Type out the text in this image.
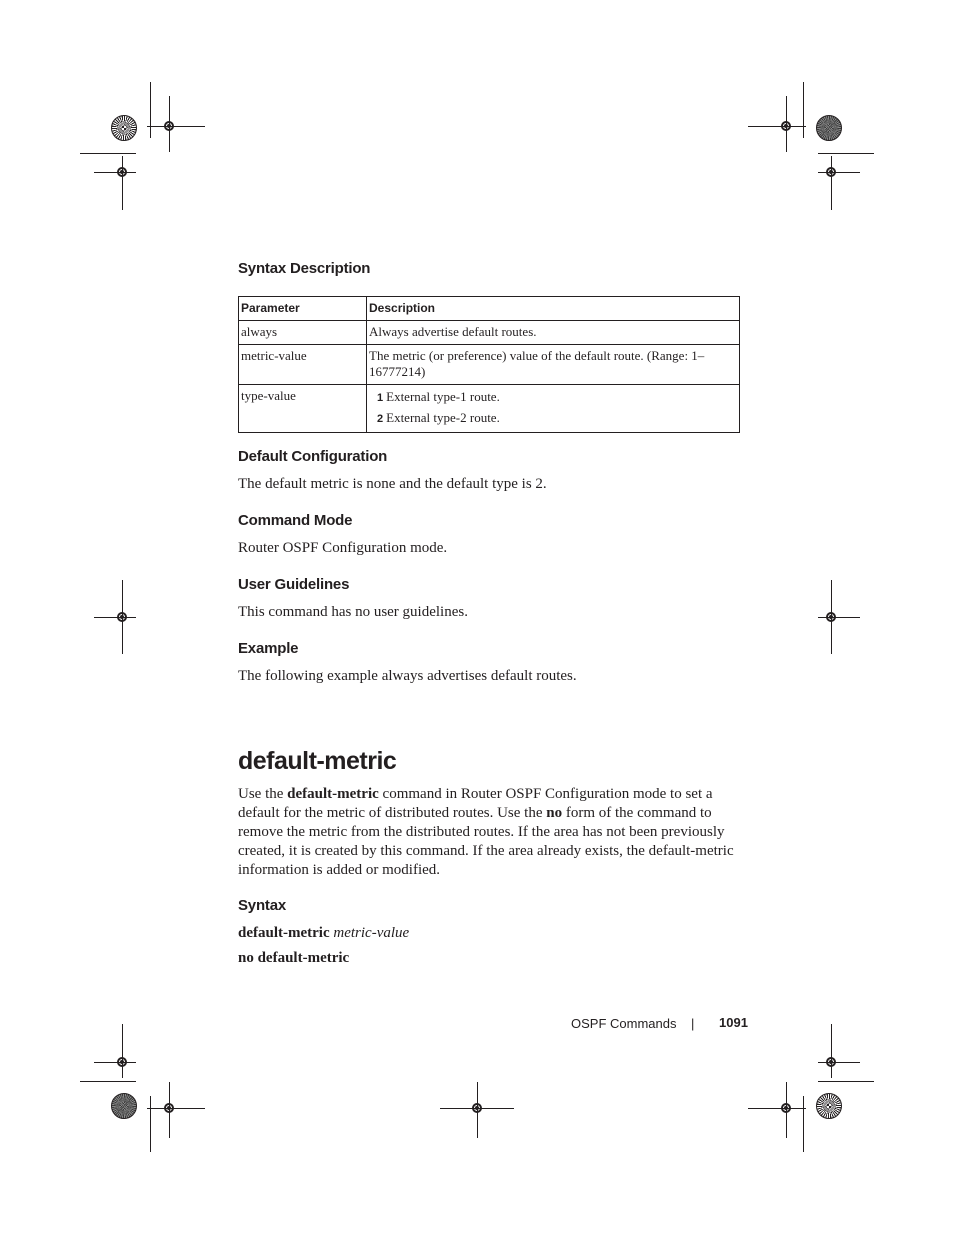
Syntax Description
Parameter	Description
always	Always advertise default routes.
metric-value	The metric (or preference) value of the default route. (Range: 1–16777214)
type-value	1 External type-1 route.
2 External type-2 route.
Default Configuration
The default metric is none and the default type is 2.
Command Mode
Router OSPF Configuration mode.
User Guidelines
This command has no user guidelines.
Example
The following example always advertises default routes.
default-metric
Use the default-metric command in Router OSPF Configuration mode to set a default for the metric of distributed routes. Use the no form of the command to remove the metric from the distributed routes. If the area has not been previously created, it is created by this command. If the area already exists, the default-metric information is added or modified.
Syntax
default-metric metric-value
no default-metric
OSPF Commands | 1091
